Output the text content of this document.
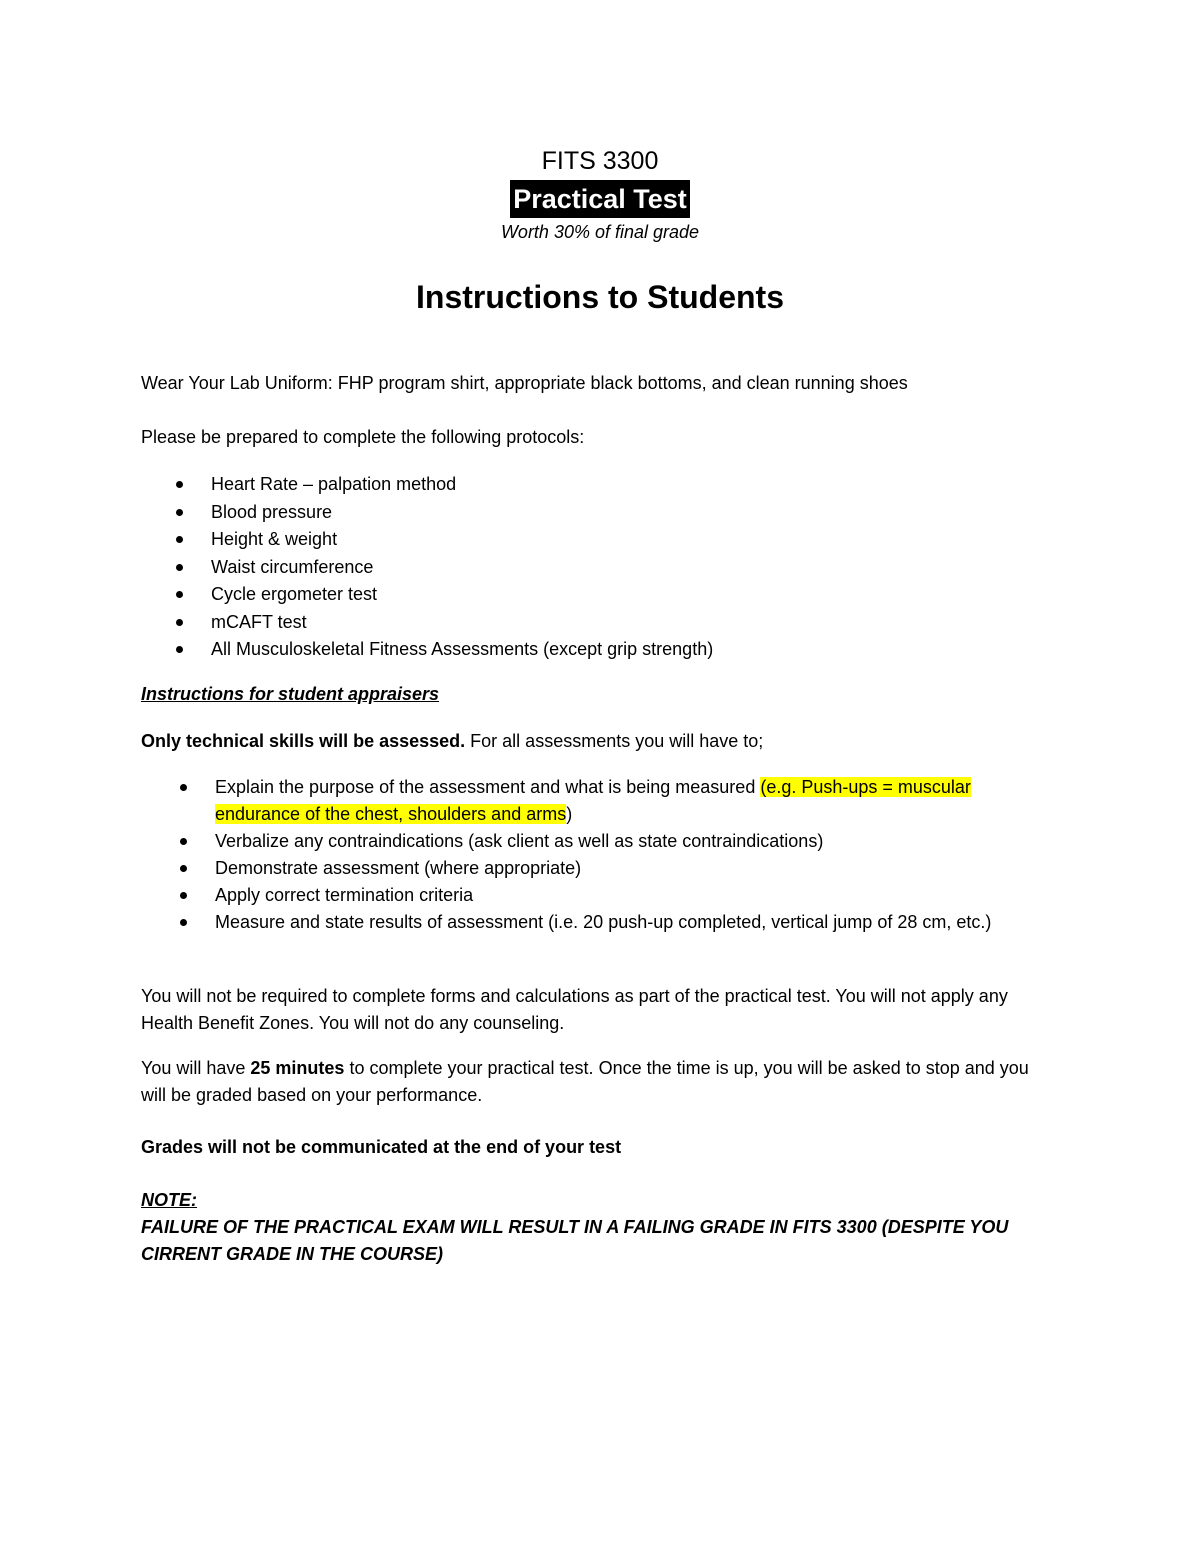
FITS 3300
Practical Test
Worth 30% of final grade
Instructions to Students

Wear Your Lab Uniform: FHP program shirt, appropriate black bottoms, and clean running shoes

Please be prepared to complete the following protocols:

Heart Rate – palpation method
Blood pressure
Height & weight
Waist circumference
Cycle ergometer test
mCAFT test
All Musculoskeletal Fitness Assessments (except grip strength)

Instructions for student appraisers

Only technical skills will be assessed. For all assessments you will have to;

Explain the purpose of the assessment and what is being measured (e.g. Push-ups = muscular endurance of the chest, shoulders and arms)
Verbalize any contraindications (ask client as well as state contraindications)
Demonstrate assessment (where appropriate)
Apply correct termination criteria
Measure and state results of assessment (i.e. 20 push-up completed, vertical jump of 28 cm, etc.)

You will not be required to complete forms and calculations as part of the practical test. You will not apply any Health Benefit Zones. You will not do any counseling.

You will have 25 minutes to complete your practical test. Once the time is up, you will be asked to stop and you will be graded based on your performance.

Grades will not be communicated at the end of your test

NOTE:
FAILURE OF THE PRACTICAL EXAM WILL RESULT IN A FAILING GRADE IN FITS 3300 (DESPITE YOU CIRRENT GRADE IN THE COURSE)
